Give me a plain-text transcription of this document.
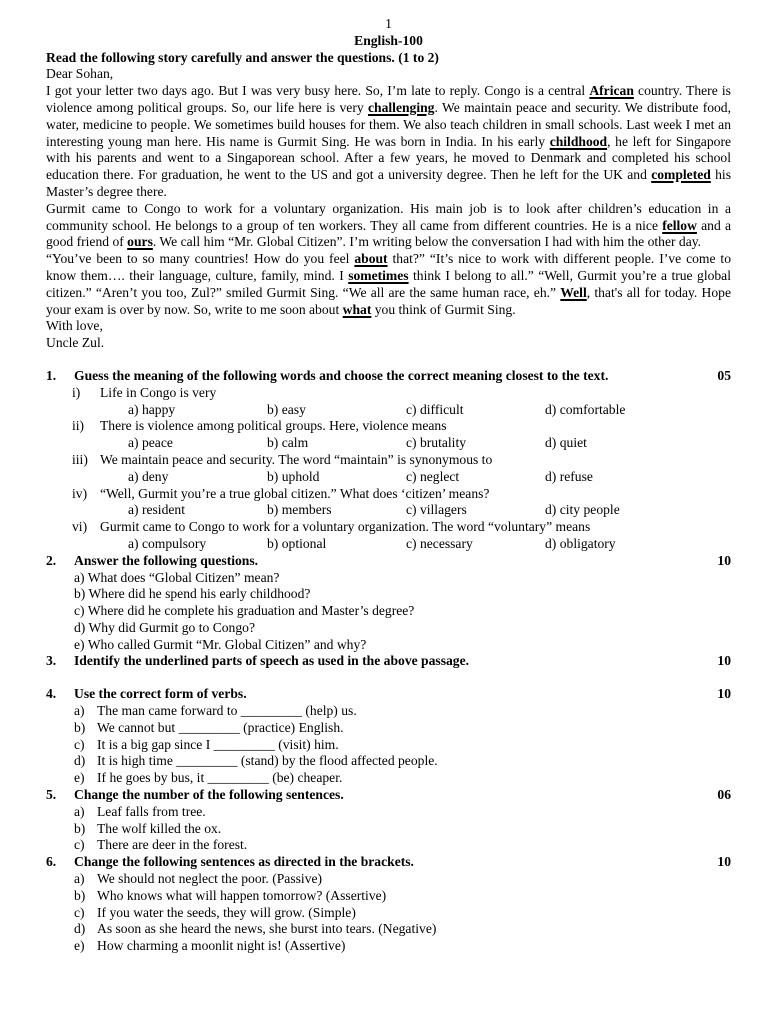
1
English-100
Read the following story carefully and answer the questions. (1 to 2)

Dear Sohan,

I got your letter two days ago. But I was very busy here. So, I’m late to reply. Congo is a central African country. There is violence among political groups. So, our life here is very challenging. We maintain peace and security. We distribute food, water, medicine to people. We sometimes build houses for them. We also teach children in small schools. Last week I met an interesting young man here. His name is Gurmit Sing. He was born in India. In his early childhood, he left for Singapore with his parents and went to a Singaporean school. After a few years, he moved to Denmark and completed his school education there. For graduation, he went to the US and got a university degree. Then he left for the UK and completed his Master’s degree there.

Gurmit came to Congo to work for a voluntary organization. His main job is to look after children’s education in a community school. He belongs to a group of ten workers. They all came from different countries. He is a nice fellow and a good friend of ours. We call him “Mr. Global Citizen”. I’m writing below the conversation I had with him the other day.

“You’ve been to so many countries! How do you feel about that?” “It’s nice to work with different people. I’ve come to know them…. their language, culture, family, mind. I sometimes think I belong to all.” “Well, Gurmit you’re a true global citizen.” “Aren’t you too, Zul?” smiled Gurmit Sing. “We all are the same human race, eh.” Well, that's all for today. Hope your exam is over by now. So, write to me soon about what you think of Gurmit Sing.

With love,

Uncle Zul.

1.	Guess the meaning of the following words and choose the correct meaning closest to the text.	05
i)	Life in Congo is very
a) happy	b) easy	c) difficult	d) comfortable
ii)	There is violence among political groups. Here, violence means
a) peace	b) calm	c) brutality	d) quiet
iii) We maintain peace and security. The word “maintain” is synonymous to
a) deny	b) uphold	c) neglect	d) refuse
iv) “Well, Gurmit you’re a true global citizen.” What does ‘citizen’ means?
a) resident	b) members	c) villagers	d) city people
vi) Gurmit came to Congo to work for a voluntary organization. The word “voluntary” means
a) compulsory	b) optional	c) necessary	d) obligatory
2.	Answer the following questions.	10
a) What does “Global Citizen” mean?
b) Where did he spend his early childhood?
c) Where did he complete his graduation and Master’s degree?
d) Why did Gurmit go to Congo?
e) Who called Gurmit “Mr. Global Citizen” and why?
3.	Identify the underlined parts of speech as used in the above passage.	10
4.	Use the correct form of verbs.	10
a) The man came forward to _________ (help) us.
b) We cannot but _________ (practice) English.
c) It is a big gap since I _________ (visit) him.
d) It is high time _________ (stand) by the flood affected people.
e) If he goes by bus, it _________ (be) cheaper.
5.	Change the number of the following sentences.	06
a) Leaf falls from tree.
b) The wolf killed the ox.
c) There are deer in the forest.
6.	Change the following sentences as directed in the brackets.	10
a) We should not neglect the poor. (Passive)
b) Who knows what will happen tomorrow? (Assertive)
c) If you water the seeds, they will grow. (Simple)
d) As soon as she heard the news, she burst into tears. (Negative)
e) How charming a moonlit night is! (Assertive)
